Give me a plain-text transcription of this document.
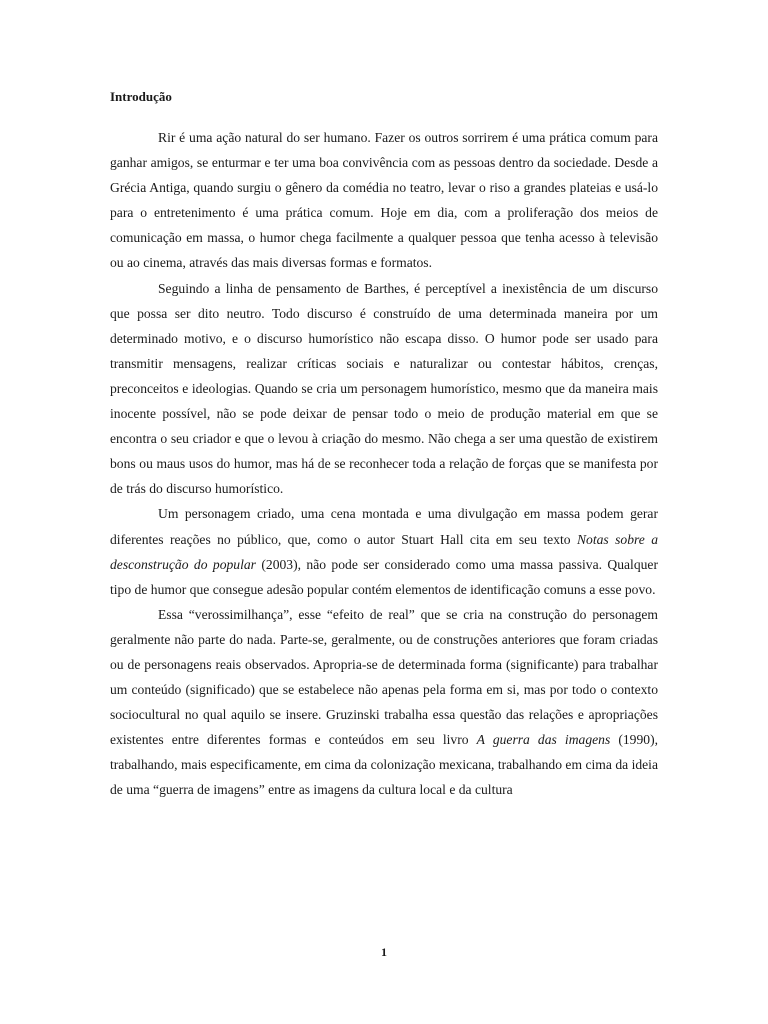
Introdução

Rir é uma ação natural do ser humano. Fazer os outros sorrirem é uma prática comum para ganhar amigos, se enturmar e ter uma boa convivência com as pessoas dentro da sociedade. Desde a Grécia Antiga, quando surgiu o gênero da comédia no teatro, levar o riso a grandes plateias e usá-lo para o entretenimento é uma prática comum. Hoje em dia, com a proliferação dos meios de comunicação em massa, o humor chega facilmente a qualquer pessoa que tenha acesso à televisão ou ao cinema, através das mais diversas formas e formatos.

Seguindo a linha de pensamento de Barthes, é perceptível a inexistência de um discurso que possa ser dito neutro. Todo discurso é construído de uma determinada maneira por um determinado motivo, e o discurso humorístico não escapa disso. O humor pode ser usado para transmitir mensagens, realizar críticas sociais e naturalizar ou contestar hábitos, crenças, preconceitos e ideologias. Quando se cria um personagem humorístico, mesmo que da maneira mais inocente possível, não se pode deixar de pensar todo o meio de produção material em que se encontra o seu criador e que o levou à criação do mesmo. Não chega a ser uma questão de existirem bons ou maus usos do humor, mas há de se reconhecer toda a relação de forças que se manifesta por de trás do discurso humorístico.

Um personagem criado, uma cena montada e uma divulgação em massa podem gerar diferentes reações no público, que, como o autor Stuart Hall cita em seu texto Notas sobre a desconstrução do popular (2003), não pode ser considerado como uma massa passiva. Qualquer tipo de humor que consegue adesão popular contém elementos de identificação comuns a esse povo.

Essa “verossimilhança”, esse “efeito de real” que se cria na construção do personagem geralmente não parte do nada. Parte-se, geralmente, ou de construções anteriores que foram criadas ou de personagens reais observados. Apropria-se de determinada forma (significante) para trabalhar um conteúdo (significado) que se estabelece não apenas pela forma em si, mas por todo o contexto sociocultural no qual aquilo se insere. Gruzinski trabalha essa questão das relações e apropriações existentes entre diferentes formas e conteúdos em seu livro A guerra das imagens (1990), trabalhando, mais especificamente, em cima da colonização mexicana, trabalhando em cima da ideia de uma “guerra de imagens” entre as imagens da cultura local e da cultura

1
